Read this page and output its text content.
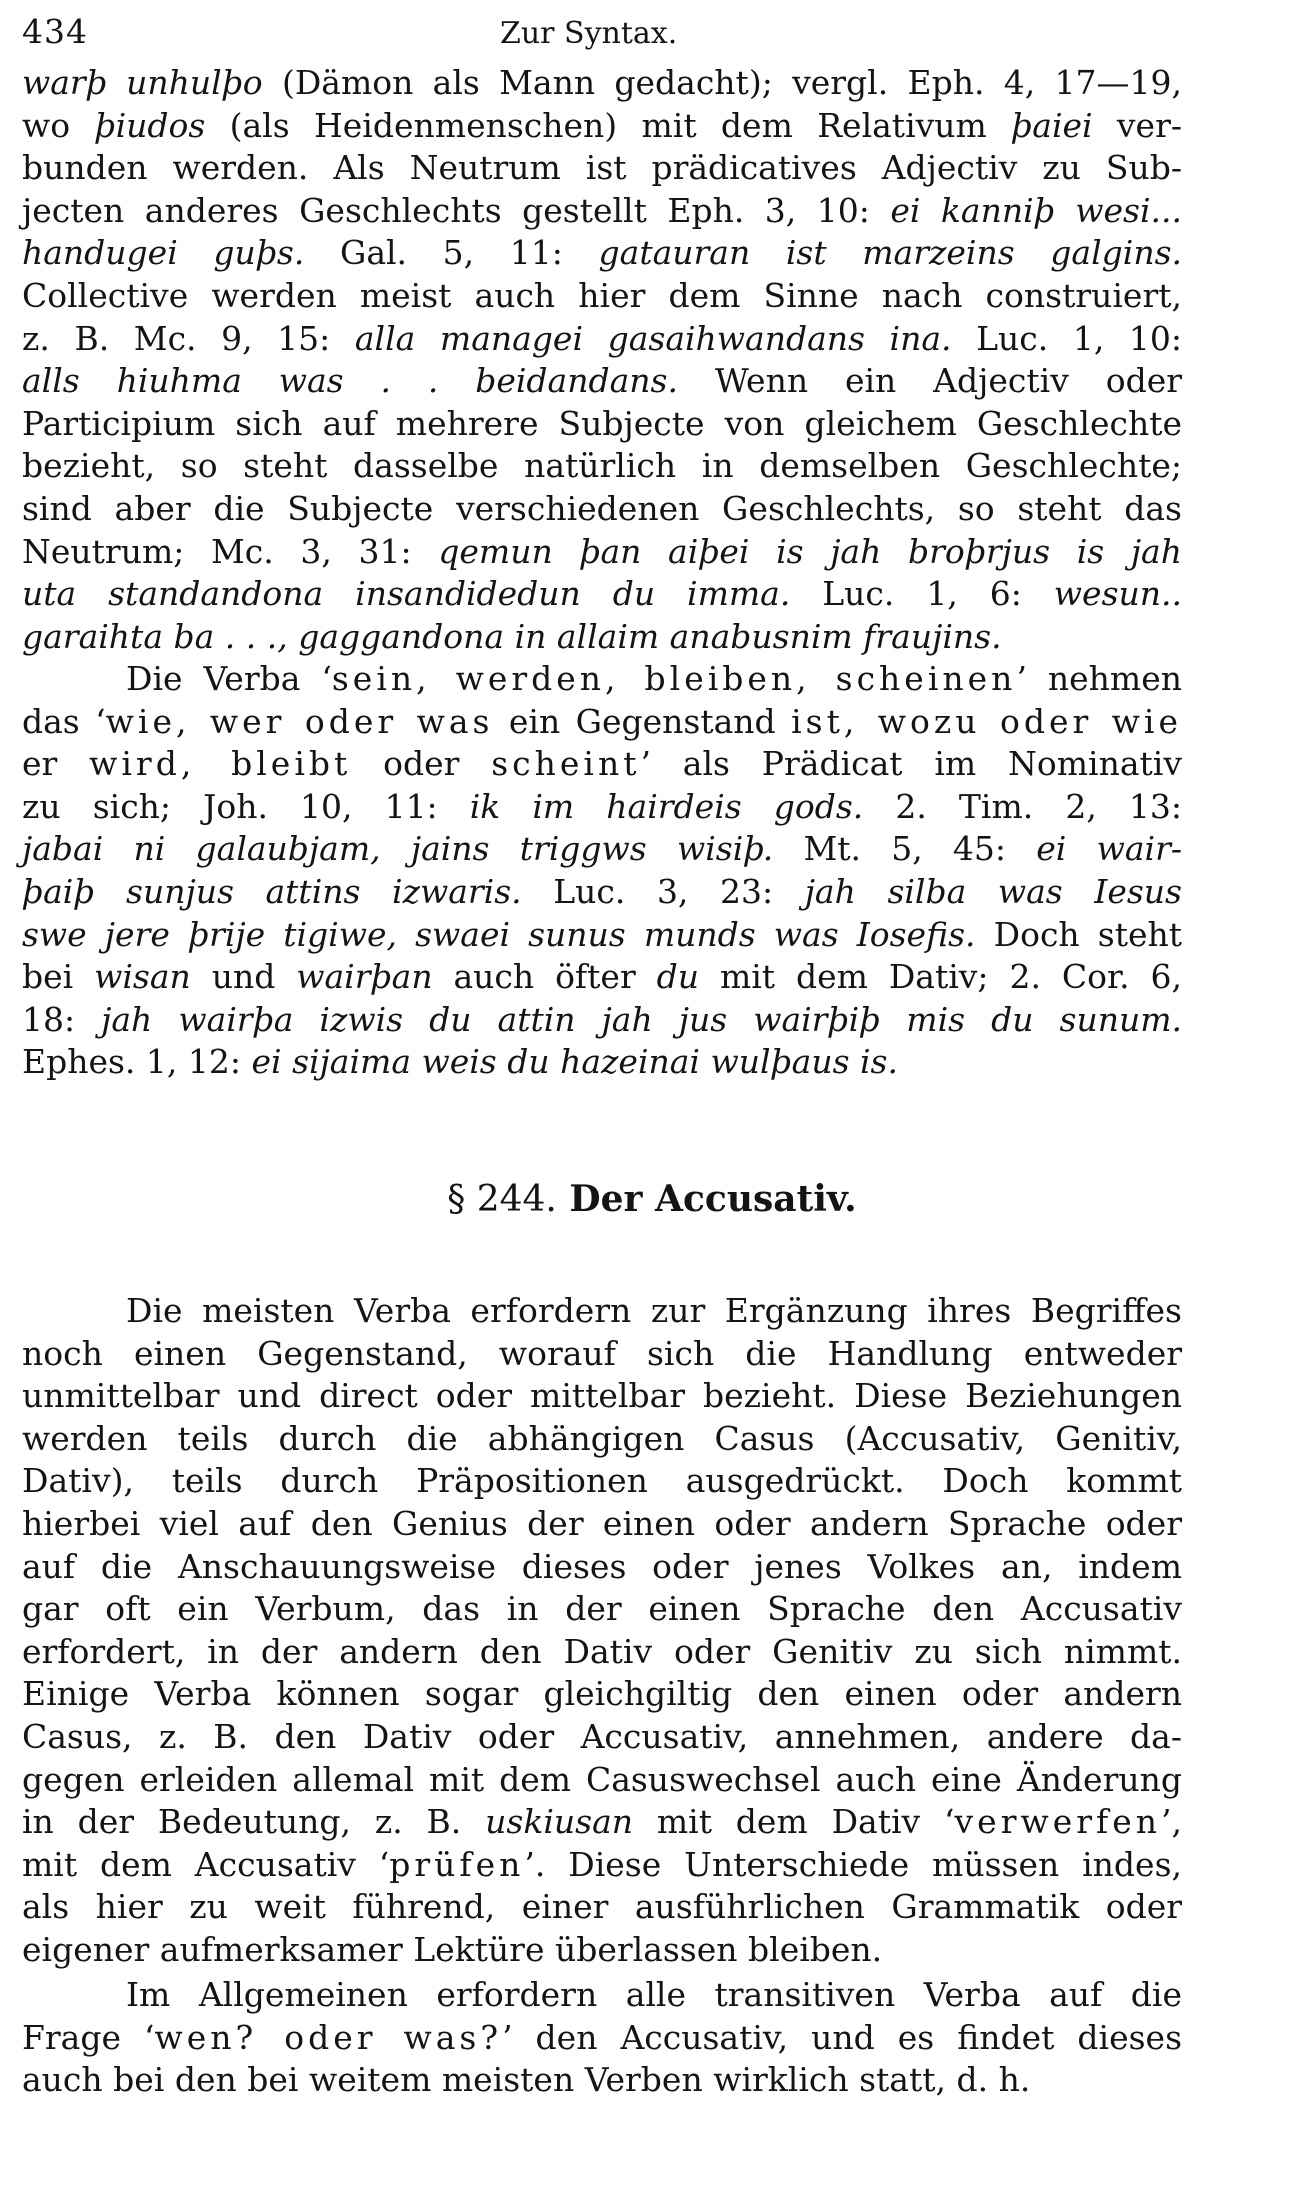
434	Zur Syntax.
warþ unhulþo (Dämon als Mann gedacht); vergl. Eph. 4, 17—19,
wo þiudos (als Heidenmenschen) mit dem Relativum þaiei ver-
bunden werden. Als Neutrum ist prädicatives Adjectiv zu Sub-
jecten anderes Geschlechts gestellt Eph. 3, 10: ei kanniþ wesi...
handugei guþs. Gal. 5, 11: gatauran ist marzeins galgins.
Collective werden meist auch hier dem Sinne nach construiert,
z. B. Mc. 9, 15: alla managei gasaihwandans ina. Luc. 1, 10:
alls hiuhma was . . beidandans. Wenn ein Adjectiv oder
Participium sich auf mehrere Subjecte von gleichem Geschlechte
bezieht, so steht dasselbe natürlich in demselben Geschlechte;
sind aber die Subjecte verschiedenen Geschlechts, so steht das
Neutrum; Mc. 3, 31: qemun þan aiþei is jah broþrjus is jah
uta standandona insandidedun du imma. Luc. 1, 6: wesun..
garaihta ba . . ., gaggandona in allaim anabusnim fraujins.
Die Verba ‘sein, werden, bleiben, scheinen’ nehmen
das ‘wie, wer oder was ein Gegenstand ist, wozu oder wie
er wird, bleibt oder scheint’ als Prädicat im Nominativ
zu sich; Joh. 10, 11: ik im hairdeis gods. 2. Tim. 2, 13:
jabai ni galaubjam, jains triggws wisiþ. Mt. 5, 45: ei wair-
þaiþ sunjus attins izwaris. Luc. 3, 23: jah silba was Iesus
swe jere þrije tigiwe, swaei sunus munds was Iosefis. Doch steht
bei wisan und wairþan auch öfter du mit dem Dativ; 2. Cor. 6,
18: jah wairþa izwis du attin jah jus wairþiþ mis du sunum.
Ephes. 1, 12: ei sijaima weis du hazeinai wulþaus is.
§ 244. Der Accusativ.
Die meisten Verba erfordern zur Ergänzung ihres Begriffes
noch einen Gegenstand, worauf sich die Handlung entweder
unmittelbar und direct oder mittelbar bezieht. Diese Beziehungen
werden teils durch die abhängigen Casus (Accusativ, Genitiv,
Dativ), teils durch Präpositionen ausgedrückt. Doch kommt
hierbei viel auf den Genius der einen oder andern Sprache oder
auf die Anschauungsweise dieses oder jenes Volkes an, indem
gar oft ein Verbum, das in der einen Sprache den Accusativ
erfordert, in der andern den Dativ oder Genitiv zu sich nimmt.
Einige Verba können sogar gleichgiltig den einen oder andern
Casus, z. B. den Dativ oder Accusativ, annehmen, andere da-
gegen erleiden allemal mit dem Casuswechsel auch eine Änderung
in der Bedeutung, z. B. uskiusan mit dem Dativ ‘verwerfen’,
mit dem Accusativ ‘prüfen’. Diese Unterschiede müssen indes,
als hier zu weit führend, einer ausführlichen Grammatik oder
eigener aufmerksamer Lektüre überlassen bleiben.
Im Allgemeinen erfordern alle transitiven Verba auf die
Frage ‘wen? oder was?’ den Accusativ, und es findet dieses
auch bei den bei weitem meisten Verben wirklich statt, d. h.
